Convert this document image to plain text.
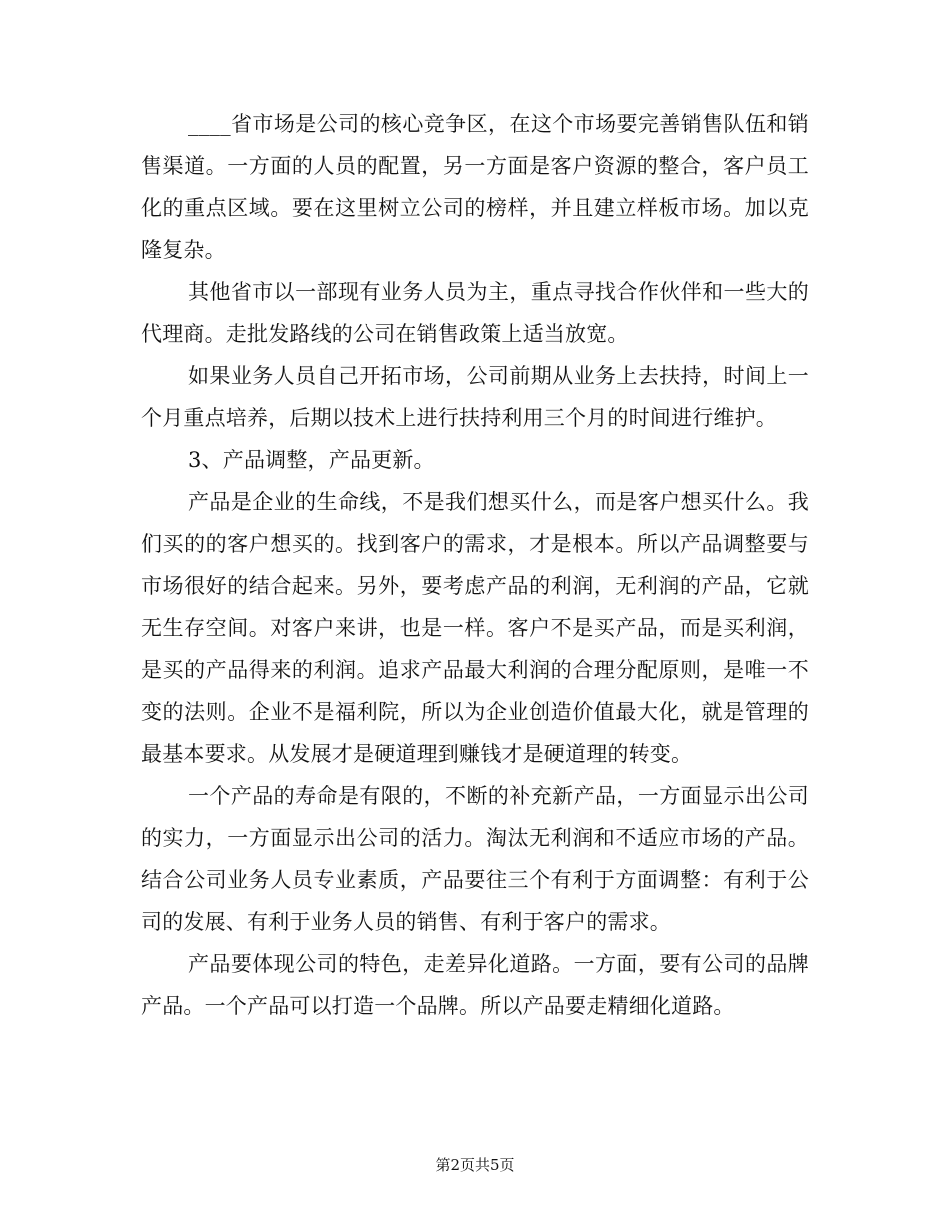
____省市场是公司的核心竞争区，在这个市场要完善销售队伍和销售渠道。一方面的人员的配置，另一方面是客户资源的整合，客户员工化的重点区域。要在这里树立公司的榜样，并且建立样板市场。加以克隆复杂。

其他省市以一部现有业务人员为主，重点寻找合作伙伴和一些大的代理商。走批发路线的公司在销售政策上适当放宽。

如果业务人员自己开拓市场，公司前期从业务上去扶持，时间上一个月重点培养，后期以技术上进行扶持利用三个月的时间进行维护。

3、产品调整，产品更新。

产品是企业的生命线，不是我们想买什么，而是客户想买什么。我们买的的客户想买的。找到客户的需求，才是根本。所以产品调整要与市场很好的结合起来。另外，要考虑产品的利润，无利润的产品，它就无生存空间。对客户来讲，也是一样。客户不是买产品，而是买利润，是买的产品得来的利润。追求产品最大利润的合理分配原则，是唯一不变的法则。企业不是福利院，所以为企业创造价值最大化，就是管理的最基本要求。从发展才是硬道理到赚钱才是硬道理的转变。

一个产品的寿命是有限的，不断的补充新产品，一方面显示出公司的实力，一方面显示出公司的活力。淘汰无利润和不适应市场的产品。结合公司业务人员专业素质，产品要往三个有利于方面调整：有利于公司的发展、有利于业务人员的销售、有利于客户的需求。

产品要体现公司的特色，走差异化道路。一方面，要有公司的品牌产品。一个产品可以打造一个品牌。所以产品要走精细化道路。

第2页共5页
